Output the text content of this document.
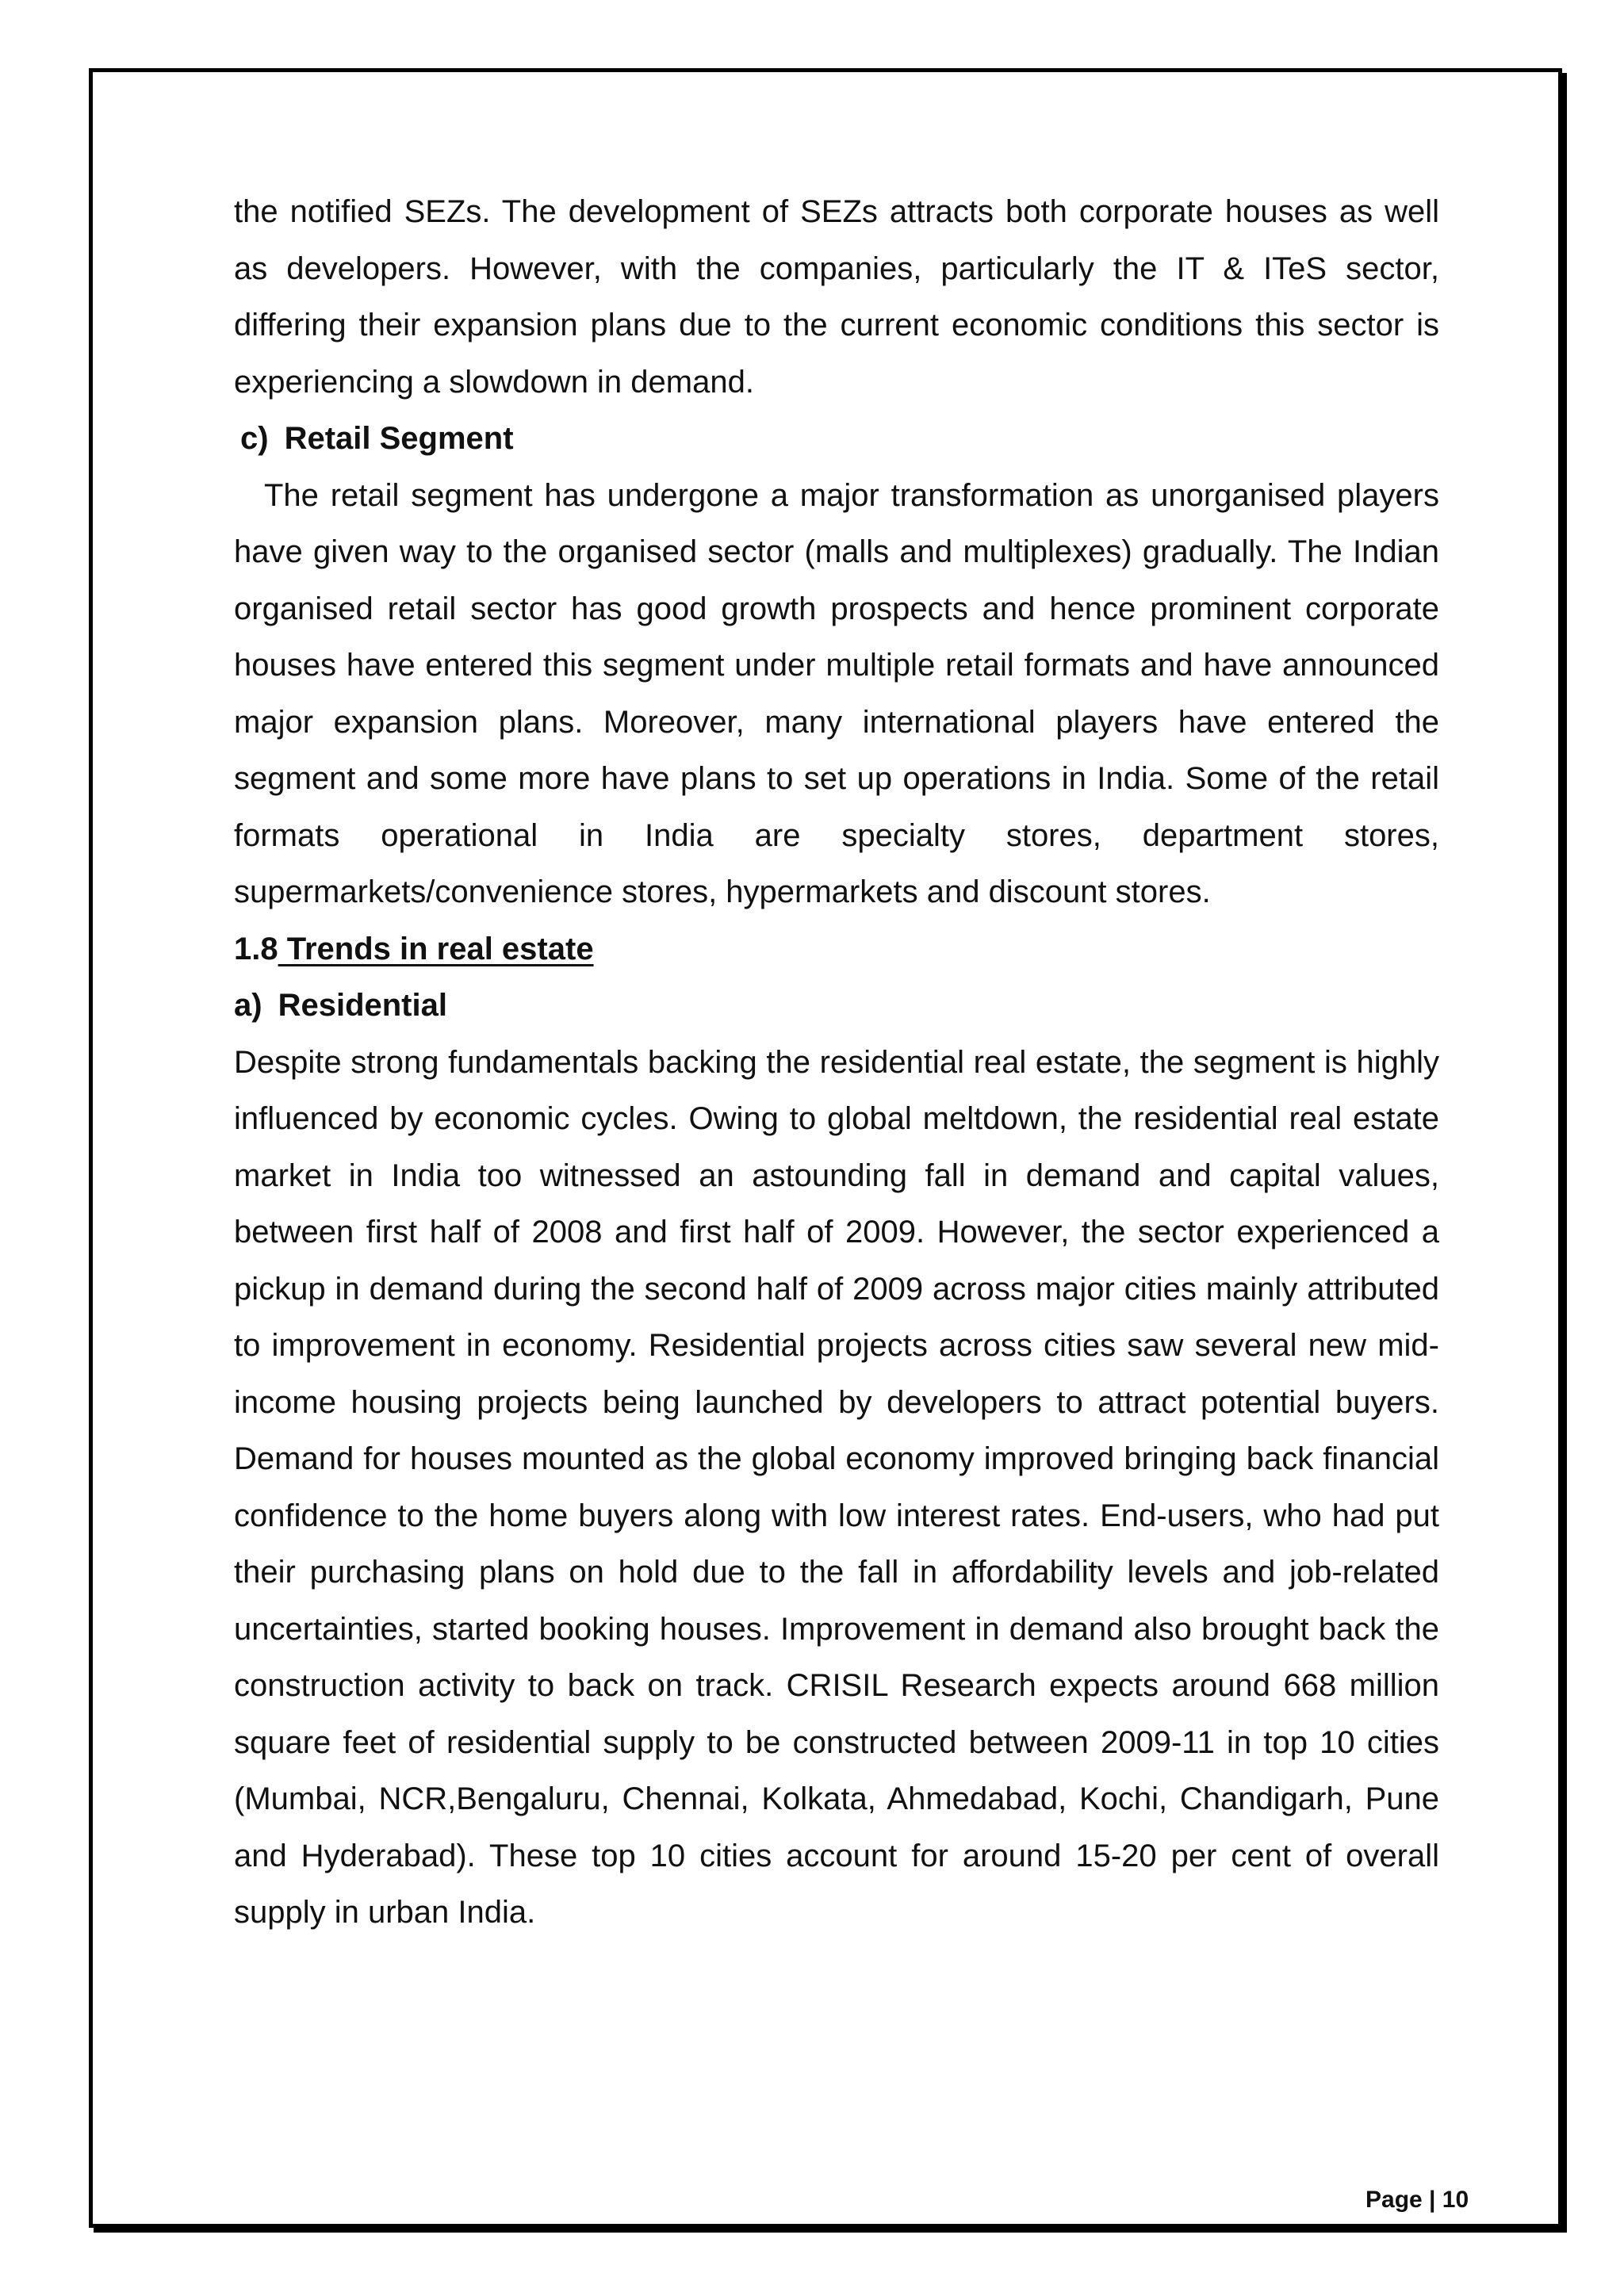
the notified SEZs. The development of SEZs attracts both corporate houses as well as developers. However, with the companies, particularly the IT & ITeS sector, differing their expansion plans due to the current economic conditions this sector is experiencing a slowdown in demand.

c) Retail Segment

The retail segment has undergone a major transformation as unorganised players have given way to the organised sector (malls and multiplexes) gradually. The Indian organised retail sector has good growth prospects and hence prominent corporate houses have entered this segment under multiple retail formats and have announced major expansion plans. Moreover, many international players have entered the segment and some more have plans to set up operations in India. Some of the retail formats operational in India are specialty stores, department stores, supermarkets/convenience stores, hypermarkets and discount stores.

1.8 Trends in real estate

a) Residential

Despite strong fundamentals backing the residential real estate, the segment is highly influenced by economic cycles. Owing to global meltdown, the residential real estate market in India too witnessed an astounding fall in demand and capital values, between first half of 2008 and first half of 2009. However, the sector experienced a pickup in demand during the second half of 2009 across major cities mainly attributed to improvement in economy. Residential projects across cities saw several new mid-income housing projects being launched by developers to attract potential buyers. Demand for houses mounted as the global economy improved bringing back financial confidence to the home buyers along with low interest rates. End-users, who had put their purchasing plans on hold due to the fall in affordability levels and job-related uncertainties, started booking houses. Improvement in demand also brought back the construction activity to back on track. CRISIL Research expects around 668 million square feet of residential supply to be constructed between 2009-11 in top 10 cities (Mumbai, NCR,Bengaluru, Chennai, Kolkata, Ahmedabad, Kochi, Chandigarh, Pune and Hyderabad). These top 10 cities account for around 15-20 per cent of overall supply in urban India.

Page | 10
